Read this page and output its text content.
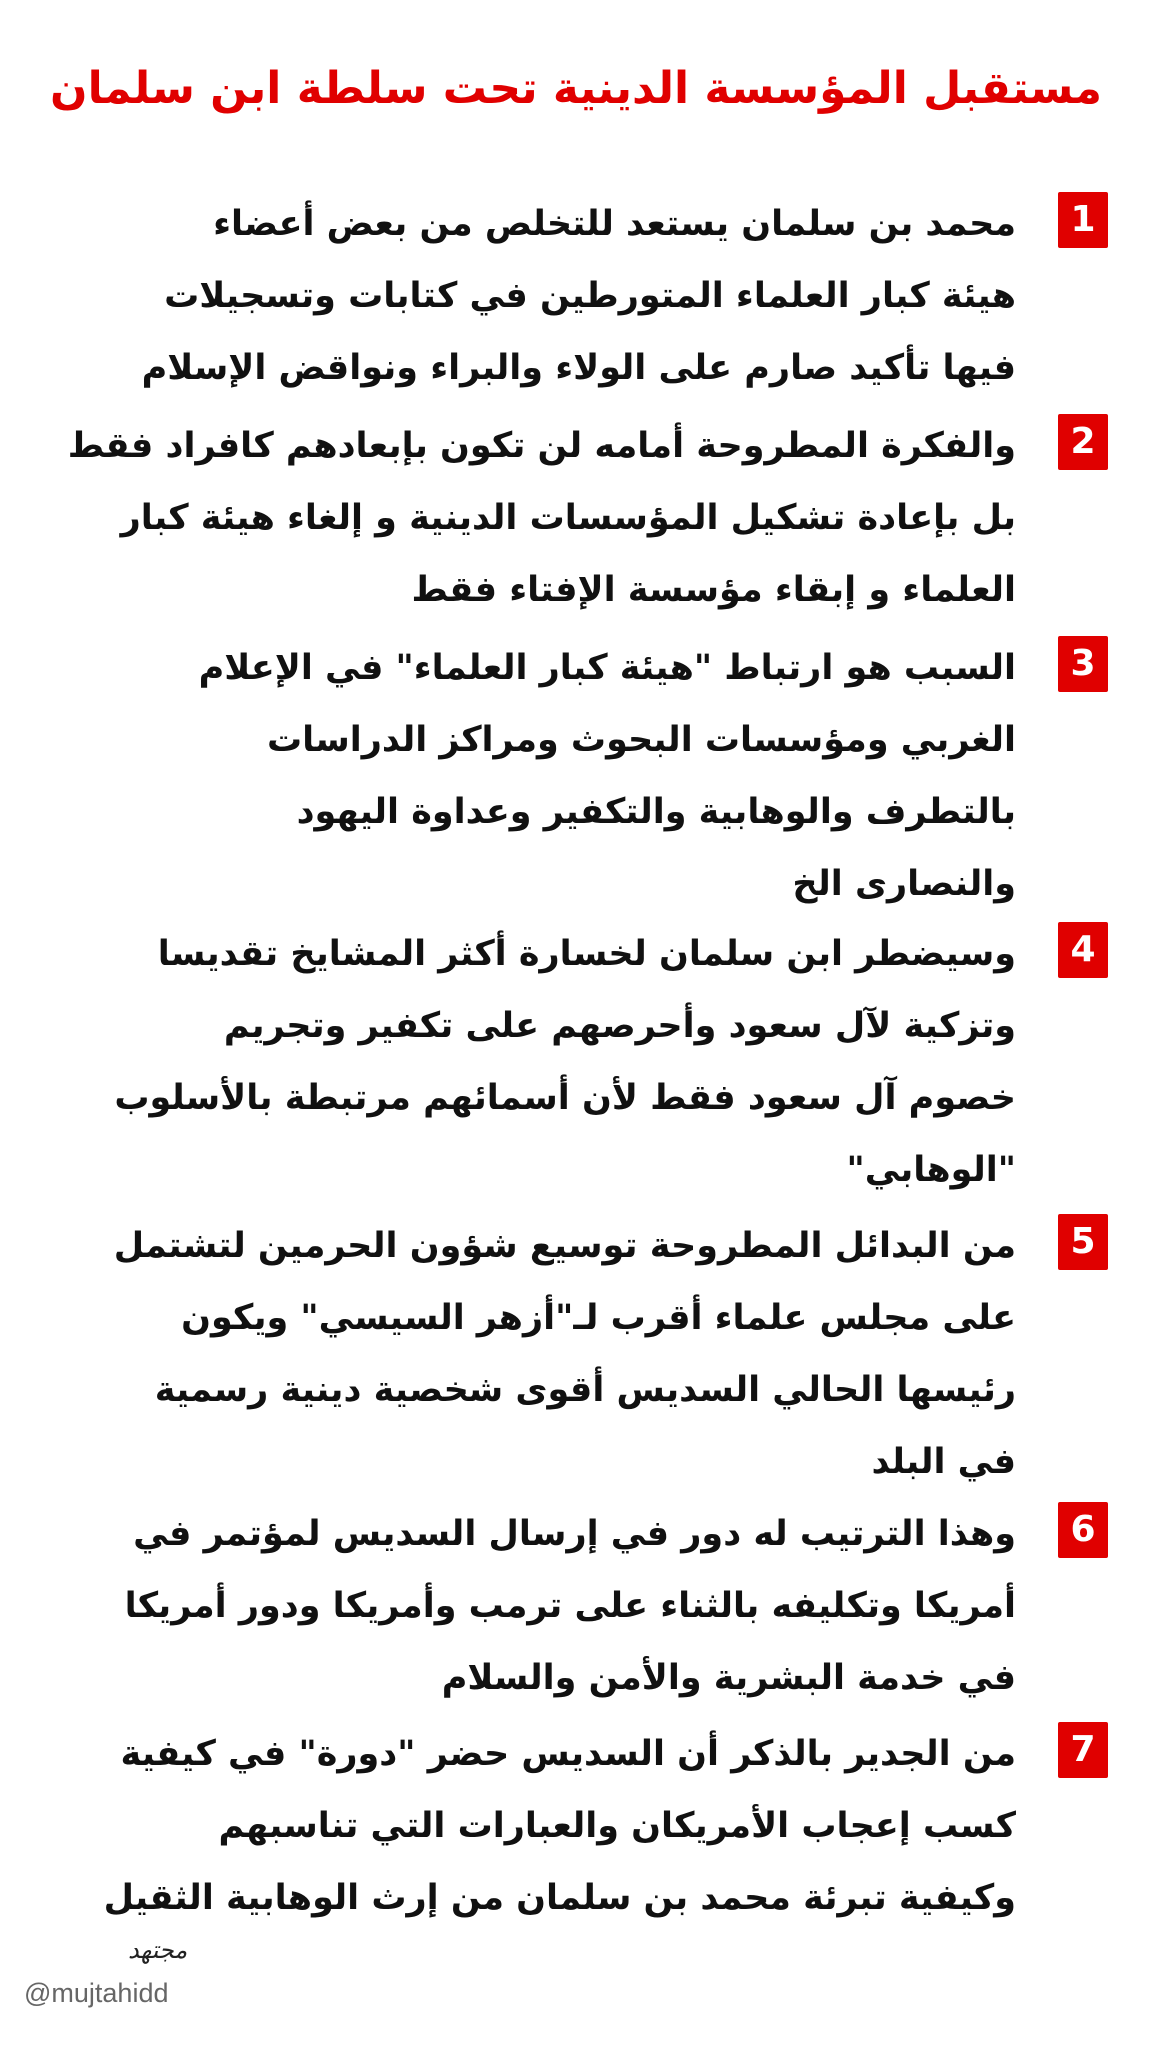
مستقبل المؤسسة الدينية تحت سلطة ابن سلمان
1
محمد بن سلمان يستعد للتخلص من بعض أعضاء
هيئة كبار العلماء المتورطين في كتابات وتسجيلات
فيها تأكيد صارم على الولاء والبراء ونواقض الإسلام
2
والفكرة المطروحة أمامه لن تكون بإبعادهم كافراد فقط
بل بإعادة تشكيل المؤسسات الدينية و إلغاء هيئة كبار
العلماء و إبقاء مؤسسة الإفتاء فقط
3
السبب هو ارتباط "هيئة كبار العلماء" في الإعلام
الغربي ومؤسسات البحوث ومراكز الدراسات
بالتطرف والوهابية والتكفير وعداوة اليهود
والنصارى الخ
4
وسيضطر ابن سلمان لخسارة أكثر المشايخ تقديسا
وتزكية لآل سعود وأحرصهم على تكفير وتجريم
خصوم آل سعود فقط لأن أسمائهم مرتبطة بالأسلوب
"الوهابي"
5
من البدائل المطروحة توسيع شؤون الحرمين لتشتمل
على مجلس علماء أقرب لـ"أزهر السيسي" ويكون
رئيسها الحالي السديس أقوى شخصية دينية رسمية
في البلد
6
وهذا الترتيب له دور في إرسال السديس لمؤتمر في
أمريكا وتكليفه بالثناء على ترمب وأمريكا ودور أمريكا
في خدمة البشرية والأمن والسلام
7
من الجدير بالذكر أن السديس حضر "دورة" في كيفية
كسب إعجاب الأمريكان والعبارات التي تناسبهم
وكيفية تبرئة محمد بن سلمان من إرث الوهابية الثقيل
مجتهد
@mujtahidd
